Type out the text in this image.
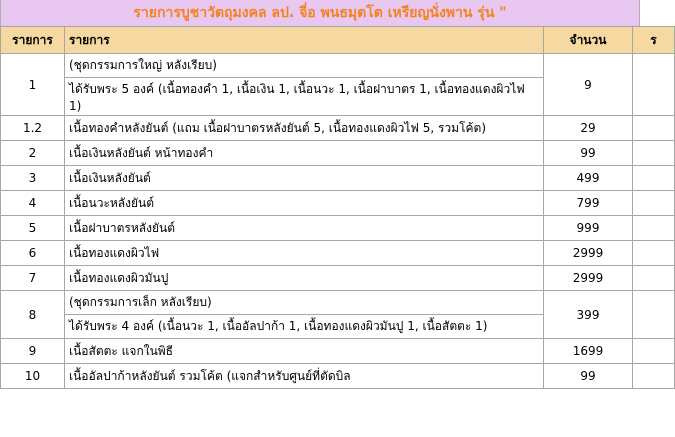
รายการบูชาวัตถุมงคล ลป. จี่อ พนธมุตโต เหรียญนั่งพาน รุ่น "
รายการ	รายการ	จำนวน	ร
1	(ชุดกรรมการใหญ่ หลังเรียบ)	9	
	ได้รับพระ 5 องค์ (เนื้อทองคำ 1, เนื้อเงิน 1, เนื้อนวะ 1, เนื้อฝาบาตร 1, เนื้อทองแดงผิวไฟ 1)		
1.2	เนื้อทองคำหลังยันต์ (แถม เนื้อฝาบาตรหลังยันต์ 5, เนื้อทองแดงผิวไฟ 5, รวมโค้ต)	29	
2	เนื้อเงินหลังยันต์ หน้าทองคำ	99	
3	เนื้อเงินหลังยันต์	499	
4	เนื้อนวะหลังยันต์	799	
5	เนื้อฝาบาตรหลังยันต์	999	
6	เนื้อทองแดงผิวไฟ	2999	
7	เนื้อทองแดงผิวมันปู	2999	
8	(ชุดกรรมการเล็ก หลังเรียบ)	399	
	ได้รับพระ 4 องค์ (เนื้อนวะ 1, เนื้ออัลปาก้า 1, เนื้อทองแดงผิวมันปู 1, เนื้อสัตตะ 1)		
9	เนื้อสัตตะ แจกในพิธี	1699	
10	เนื้ออัลปาก้าหลังยันต์ รวมโค้ต (แจกสำหรับศูนย์ที่ตัดบิล	99	
